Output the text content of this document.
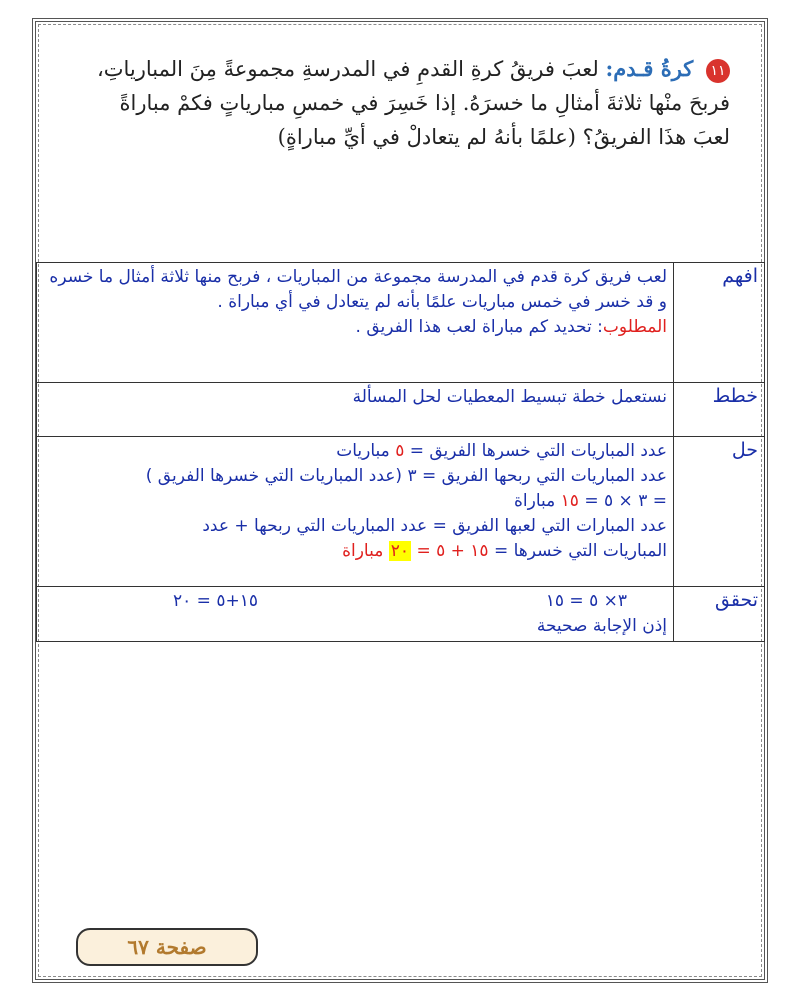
١١ كرةُ قـدم: لعبَ فريقُ كرةِ القدمِ في المدرسةِ مجموعةً مِنَ المبارياتِ، فربحَ منْها ثلاثةَ أمثالِ ما خسرَهُ. إذا خَسِرَ في خمسِ مبارياتٍ فكمْ مباراةً لعبَ هذَا الفريقُ؟ (علمًا بأنهُ لم يتعادلْ في أيِّ مباراةٍ)
افهم	لعب فريق كرة قدم في المدرسة مجموعة من المباريات ، فربح منها ثلاثة أمثال ما خسره و قد خسر في خمس مباريات علمًا بأنه لم يتعادل في أي مباراة .
المطلوب: تحديد كم مباراة لعب هذا الفريق .
خطط	نستعمل خطة تبسيط المعطيات لحل المسألة
حل	عدد المباريات التي خسرها الفريق = ٥ مباريات
عدد المباريات التي ربحها الفريق = ٣ (عدد المباريات التي خسرها الفريق )
= ٣ × ٥ = ١٥ مباراة
عدد المبارات التي لعبها الفريق = عدد المباريات التي ربحها + عدد
المباريات التي خسرها = ١٥ + ٥ = ٢٠ مباراة

تحقق	٣× ٥ = ١٥
١٥+٥ = ٢٠
إذن الإجابة صحيحة
صفحة ٦٧
